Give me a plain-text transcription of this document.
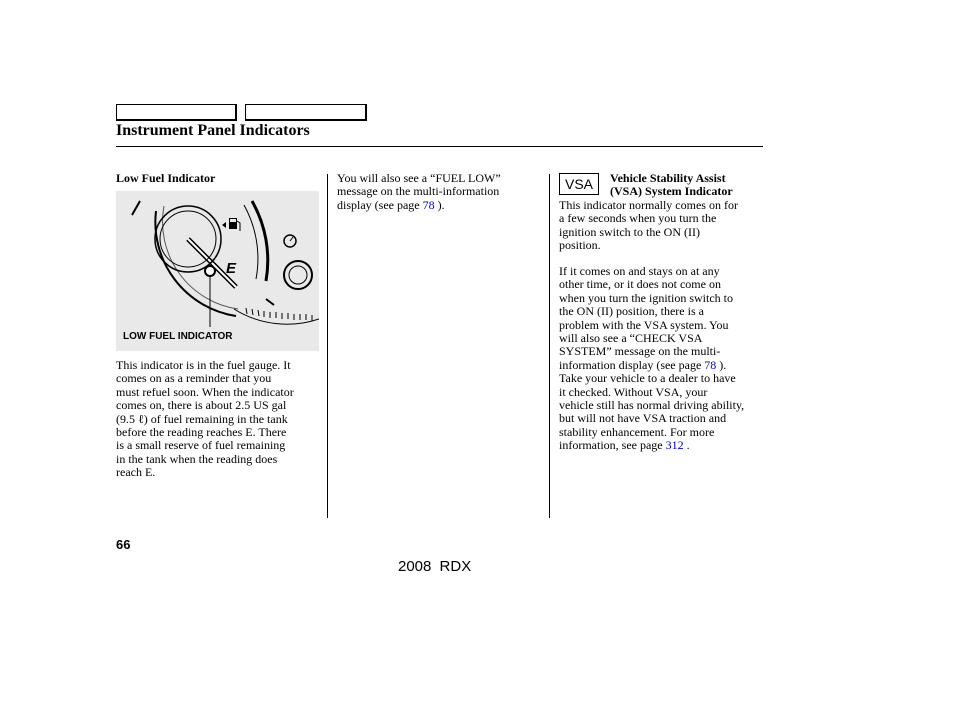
Instrument Panel Indicators
Low Fuel Indicator
E
LOW FUEL INDICATOR

This indicator is in the fuel gauge. It

comes on as a reminder that you

must refuel soon. When the indicator

comes on, there is about 2.5 US gal

(9.5 ℓ) of fuel remaining in the tank

before the reading reaches E. There

is a small reserve of fuel remaining

in the tank when the reading does

reach E.

You will also see a “FUEL LOW”

message on the multi-information

display (see page 78 ).

VSA	Vehicle Stability Assist

(VSA) System Indicator

This indicator normally comes on for

a few seconds when you turn the

ignition switch to the ON (II)

position.

If it comes on and stays on at any

other time, or it does not come on

when you turn the ignition switch to

the ON (II) position, there is a

problem with the VSA system. You

will also see a “CHECK VSA

SYSTEM” message on the multi-

information display (see page 78 ).

Take your vehicle to a dealer to have

it checked. Without VSA, your

vehicle still has normal driving ability,

but will not have VSA traction and

stability enhancement. For more

information, see page 312 .

66
2008 RDX
